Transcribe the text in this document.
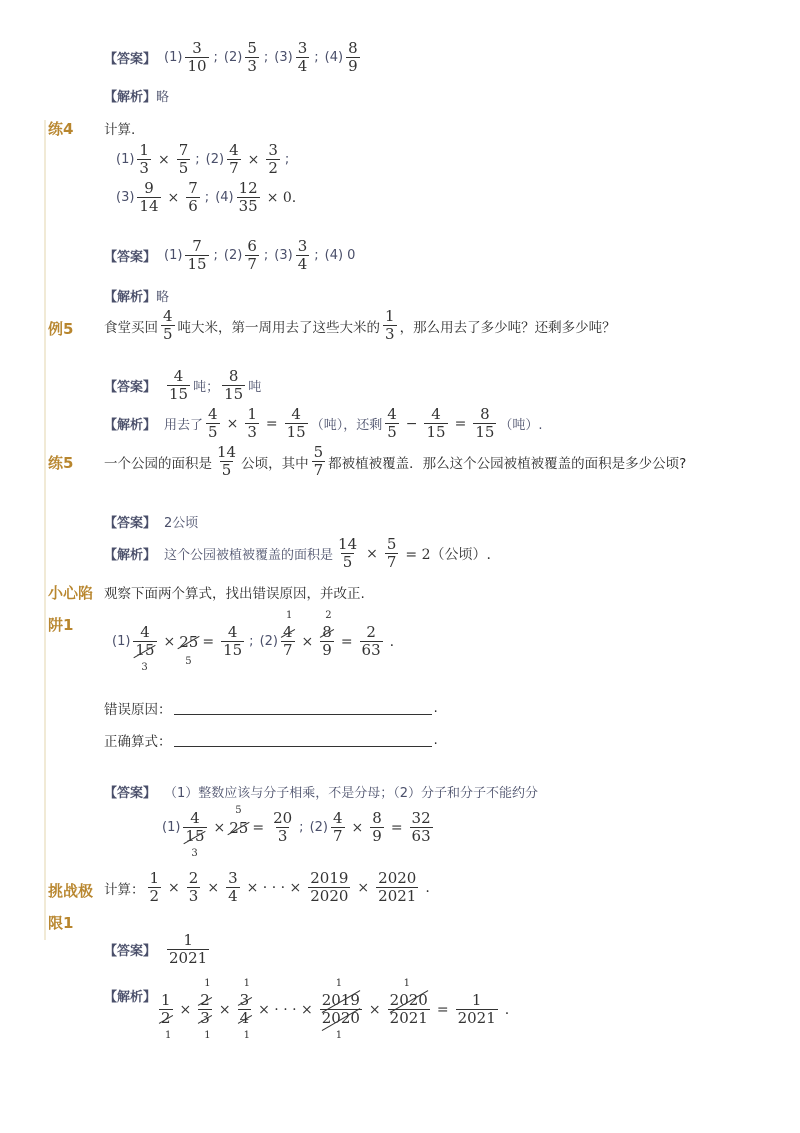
【答案】 $(1) \frac{3}{10}$ ; $(2) \frac{5}{3}$ ; $(3) \frac{3}{4}$ ; $(4) \frac{8}{9}$
【解析】 略
练4 计算.
$(1) \frac{1}{3} \times \frac{7}{5}$ ; $(2) \frac{4}{7} \times \frac{3}{2}$ ;
$(3) \frac{9}{14} \times \frac{7}{6}$ ; $(4) \frac{12}{35} \times 0$.
【答案】 $(1) \frac{7}{15}$ ; $(2) \frac{6}{7}$ ; $(3) \frac{3}{4}$ ; (4) 0
【解析】 略
例5 食堂买回 $\frac{4}{5}$ 吨大米，第一周用去了这些大米的 $\frac{1}{3}$ ，那么用去了多少吨？还剩多少吨？
【答案】 $\frac{4}{15}$ 吨； $\frac{8}{15}$ 吨
【解析】 用去了 $\frac{4}{5} \times \frac{1}{3} = \frac{4}{15}$ （吨），还剩 $\frac{4}{5} - \frac{4}{15} = \frac{8}{15}$ （吨）.
练5 一个公园的面积是 $\frac{14}{5}$ 公顷，其中 $\frac{5}{7}$ 都被植被覆盖．那么这个公园被植被覆盖的面积是多少公顷?
【答案】 2公顷
【解析】 这个公园被植被覆盖的面积是 $\frac{14}{5} \times \frac{5}{7} = 2$（公顷）.
小心陷
阱1
观察下面两个算式，找出错误原因，并改正.
(1)
4
15
3
× 25
5
= $\frac{4}{15}$ ; (2)
4
7
1
×
8
9
2
= $\frac{2}{63}$ .
错误原因：	.
正确算式：	.
【答案】 （1）整数应该与分子相乘，不是分母；（2）分子和分子不能约分
(1)
4
15
3
× 25
5
= $\frac{20}{3}$ ; $(2) \frac{4}{7} \times \frac{8}{9} = \frac{32}{63}$
挑战极
限1
计算： $\frac{1}{2} \times \frac{2}{3} \times \frac{3}{4}$ × · · · × $\frac{2019}{2020} \times \frac{2020}{2021}$ .
【答案】 $\frac{1}{2021}$
【解析】 1
2
1
×
2
3
1
1
×
3
4
1
1
× · · · ×
2019
2020
1
1
×
2020
2021
1
= $\frac{1}{2021}$ .
